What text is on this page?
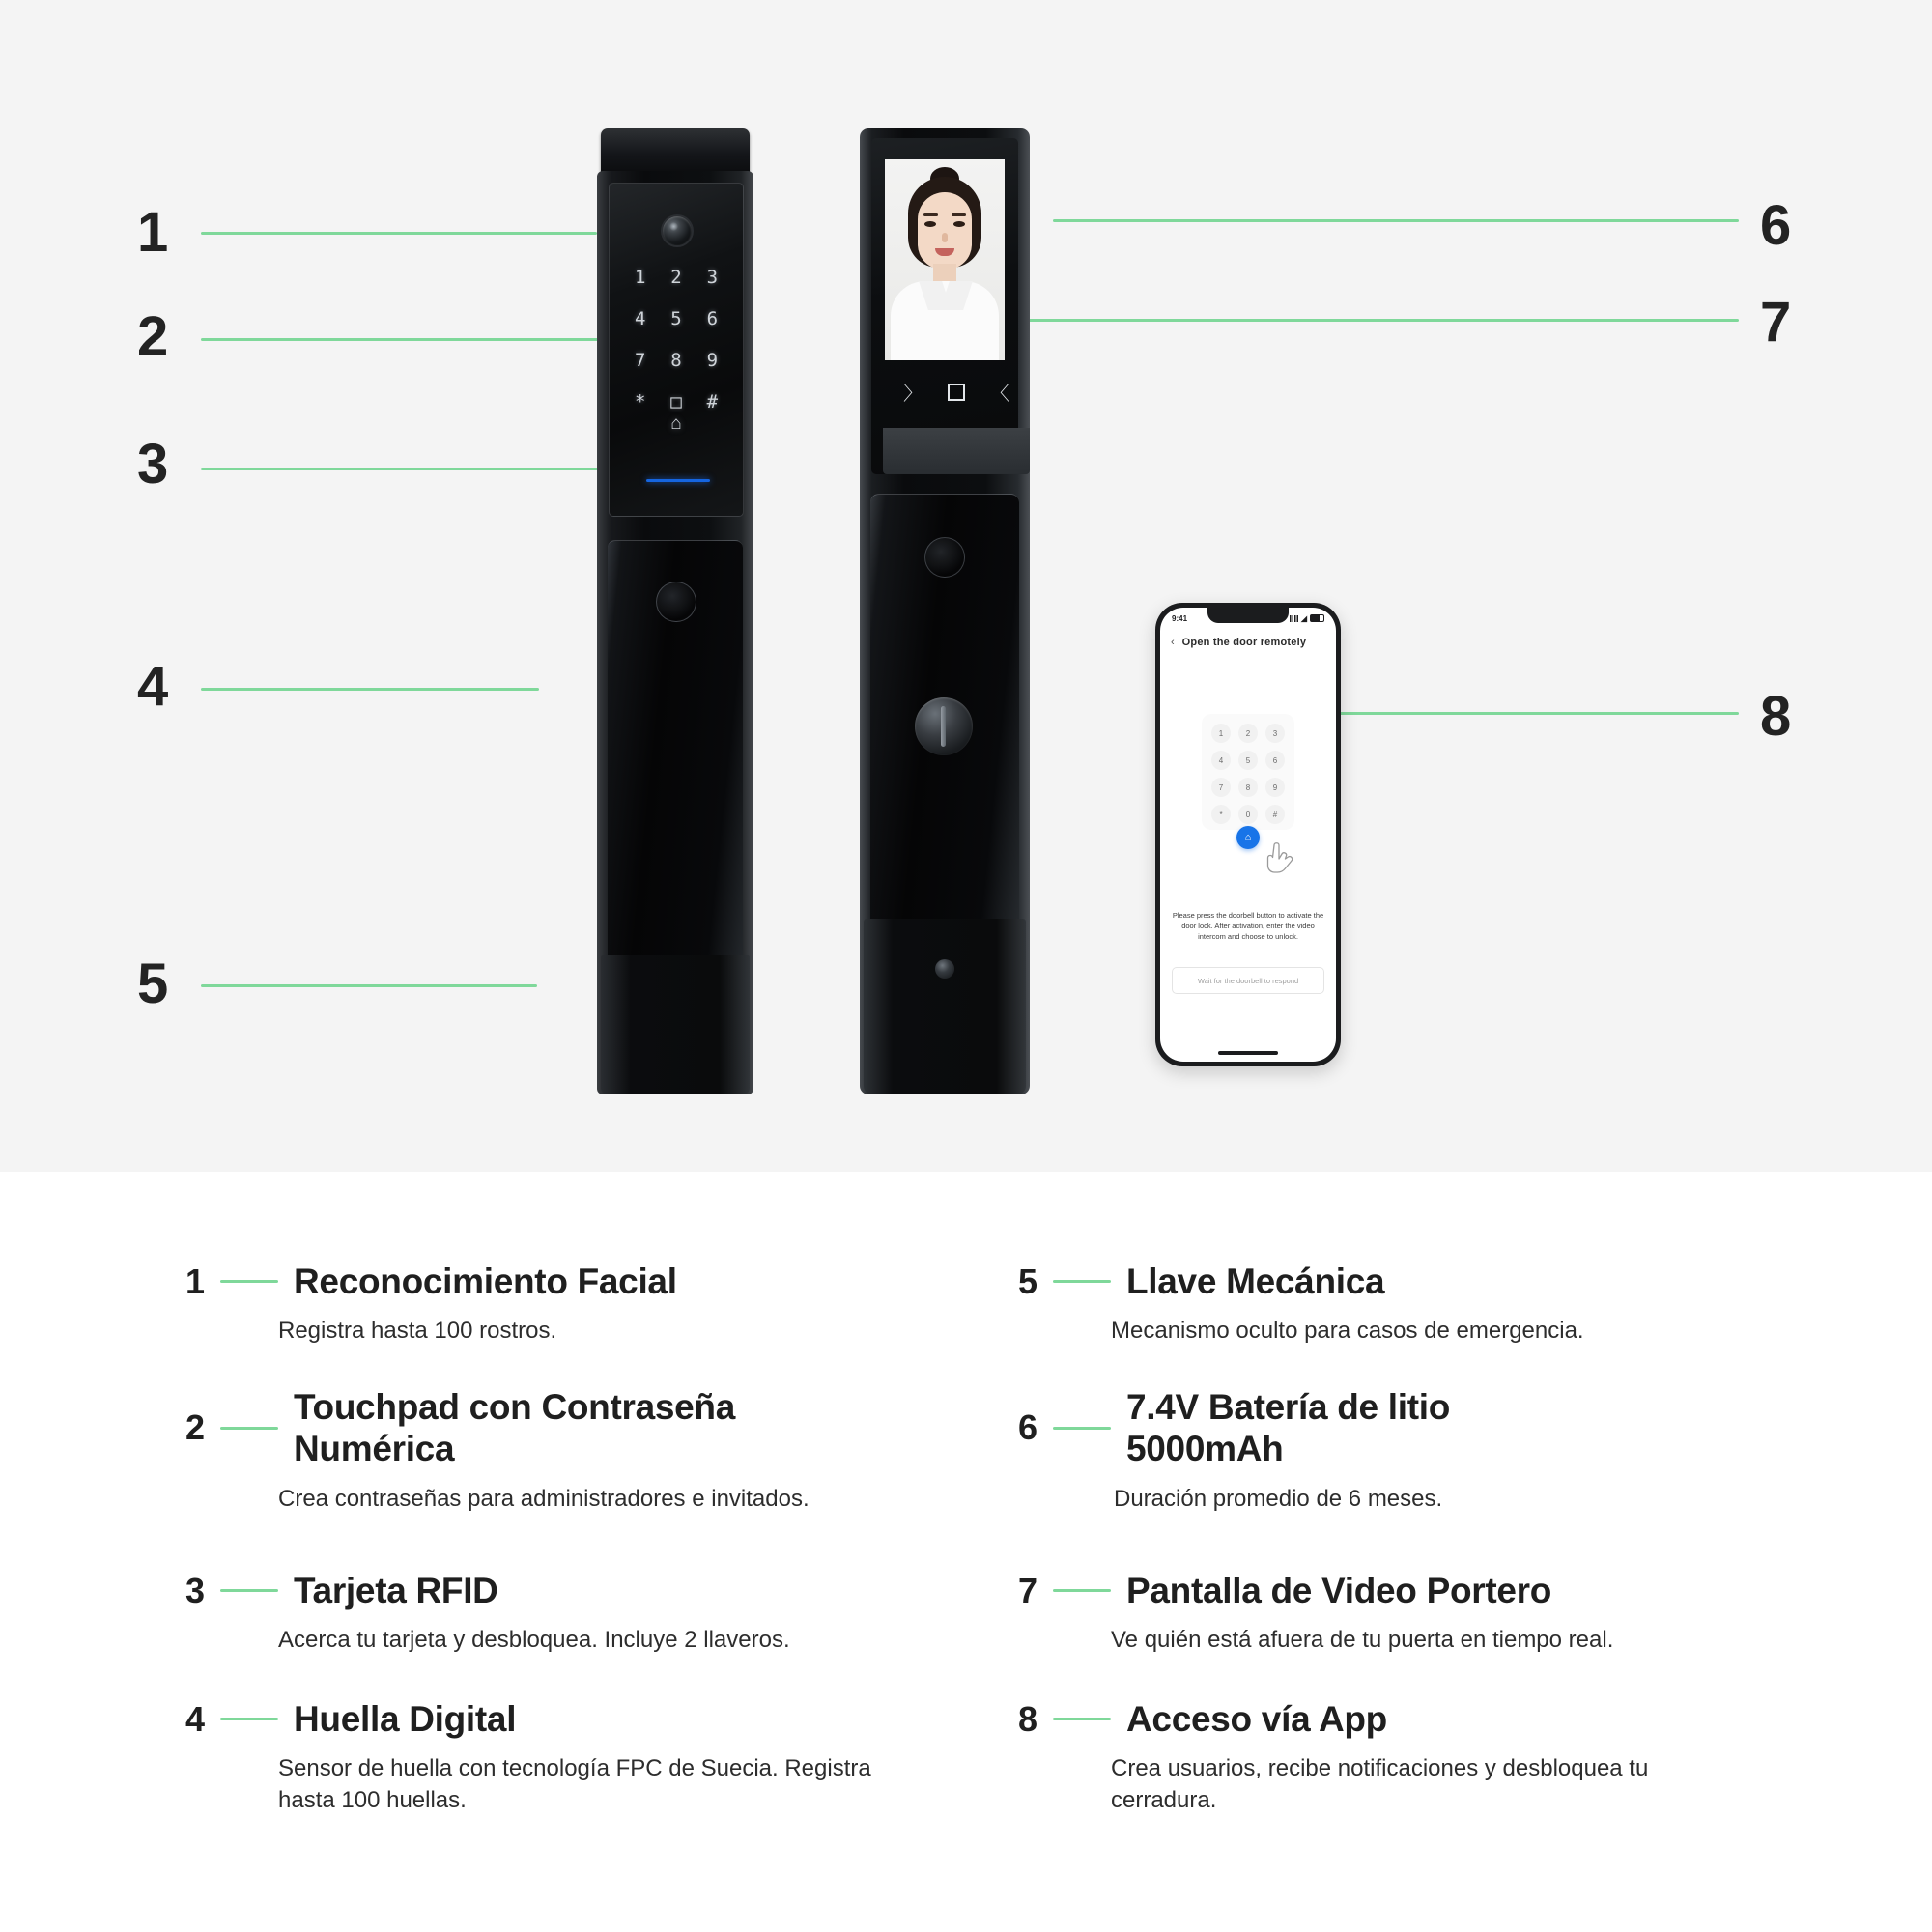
1
2
3
4
5
6
7
8
1 2 3
4 5 6
7 8 9
* □ #
⌂
〉	〈
9:41	◢
‹ Open the door remotely
1	2	3
4	5	6
7	8	9
*	0	#
⌂
Please press the doorbell button to activate the door lock. After activation, enter the video intercom and choose to unlock.
Wait for the doorbell to respond
1 Reconocimiento Facial
Registra hasta 100 rostros.
2
Touchpad con Contraseña Numérica
Crea contraseñas para administradores e invitados.
3 Tarjeta RFID
Acerca tu tarjeta y desbloquea. Incluye 2 llaveros.
4 Huella Digital
Sensor de huella con tecnología FPC de Suecia. Registra hasta 100 huellas.
5 Llave Mecánica
Mecanismo oculto para casos de emergencia.
6
7.4V Batería de litio 5000mAh
Duración promedio de 6 meses.
7 Pantalla de Video Portero
Ve quién está afuera de tu puerta en tiempo real.
8 Acceso vía App
Crea usuarios, recibe notificaciones y desbloquea tu cerradura.
